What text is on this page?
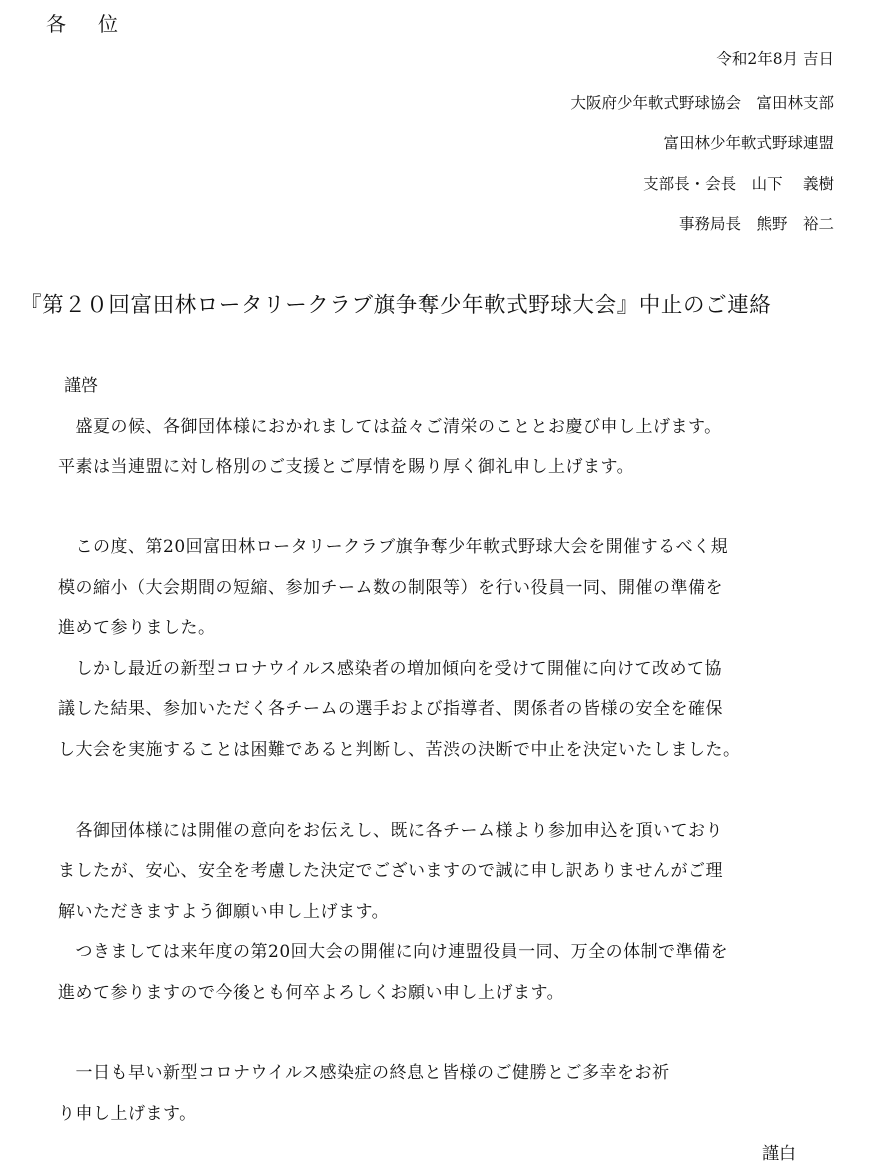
各　位
令和2年8月 吉日
大阪府少年軟式野球協会　富田林支部
富田林少年軟式野球連盟
支部長・会長　山下　 義樹
事務局長　熊野　裕二
『第２０回富田林ロータリークラブ旗争奪少年軟式野球大会』中止のご連絡
謹啓
　盛夏の候、各御団体様におかれましては益々ご清栄のこととお慶び申し上げます。
平素は当連盟に対し格別のご支援とご厚情を賜り厚く御礼申し上げます。
　この度、第20回富田林ロータリークラブ旗争奪少年軟式野球大会を開催するべく規
模の縮小（大会期間の短縮、参加チーム数の制限等）を行い役員一同、開催の準備を
進めて参りました。
　しかし最近の新型コロナウイルス感染者の増加傾向を受けて開催に向けて改めて協
議した結果、参加いただく各チームの選手および指導者、関係者の皆様の安全を確保
し大会を実施することは困難であると判断し、苦渋の決断で中止を決定いたしました。
　各御団体様には開催の意向をお伝えし、既に各チーム様より参加申込を頂いており
ましたが、安心、安全を考慮した決定でございますので誠に申し訳ありませんがご理
解いただきますよう御願い申し上げます。
　つきましては来年度の第20回大会の開催に向け連盟役員一同、万全の体制で準備を
進めて参りますので今後とも何卒よろしくお願い申し上げます。
　一日も早い新型コロナウイルス感染症の終息と皆様のご健勝とご多幸をお祈
り申し上げます。
謹白
